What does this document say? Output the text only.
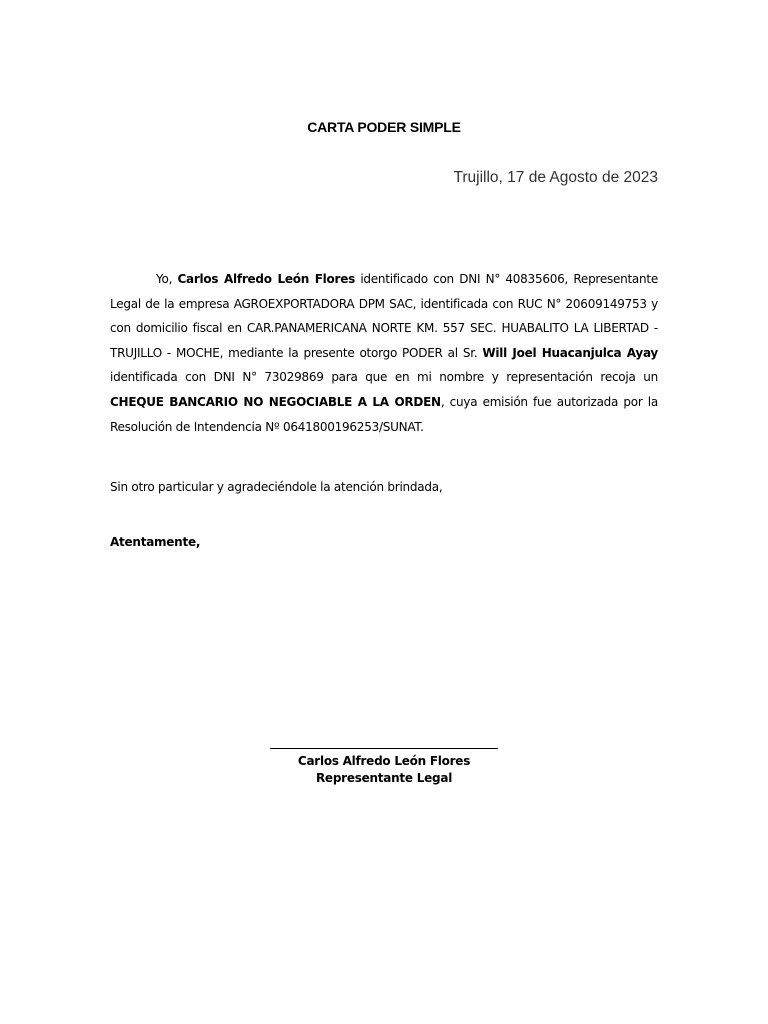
CARTA PODER SIMPLE
Trujillo, 17 de Agosto de 2023
Yo, Carlos Alfredo León Flores identificado con DNI N° 40835606, Representante Legal de la empresa AGROEXPORTADORA DPM SAC, identificada con RUC N° 20609149753 y con domicilio fiscal en CAR.PANAMERICANA NORTE KM. 557 SEC. HUABALITO LA LIBERTAD - TRUJILLO - MOCHE, mediante la presente otorgo PODER al Sr. Will Joel Huacanjulca Ayay identificada con DNI N° 73029869 para que en mi nombre y representación recoja un CHEQUE BANCARIO NO NEGOCIABLE A LA ORDEN, cuya emisión fue autorizada por la Resolución de Intendencia Nº 0641800196253/SUNAT.
Sin otro particular y agradeciéndole la atención brindada,
Atentamente,
Carlos Alfredo León Flores
Representante Legal
